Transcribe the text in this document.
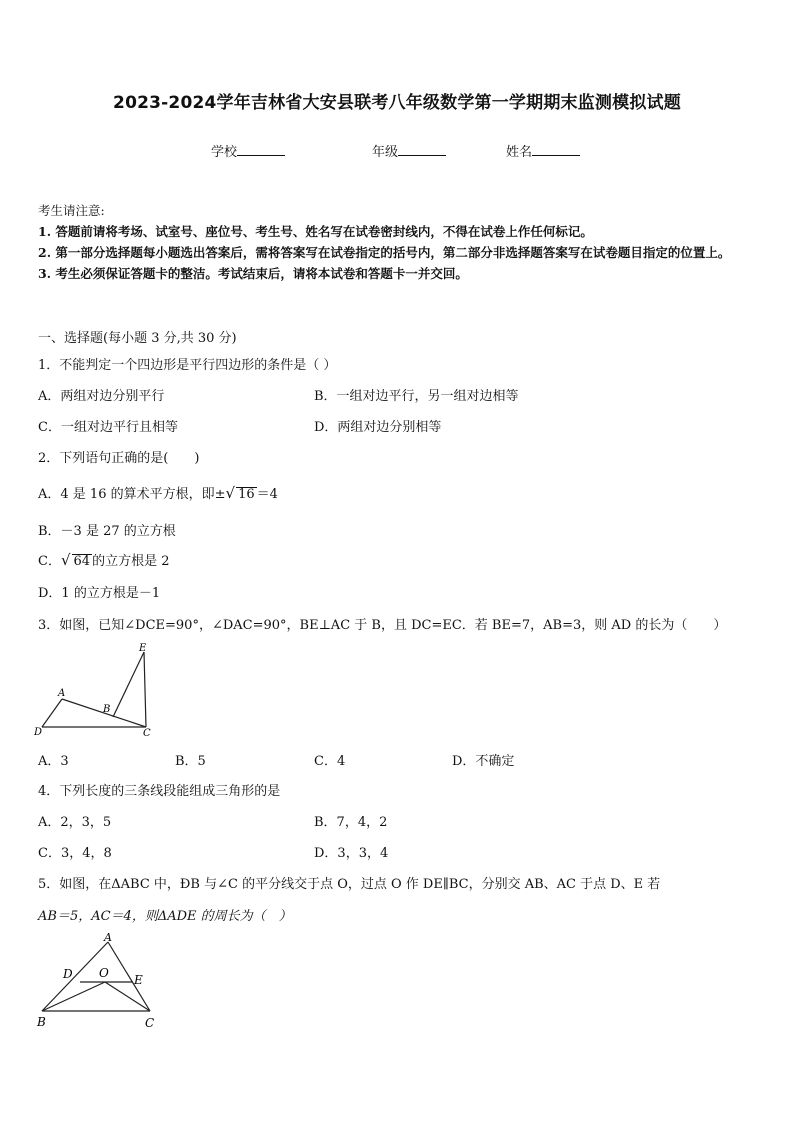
2023-2024学年吉林省大安县联考八年级数学第一学期期末监测模拟试题
学校	年级	姓名
考生请注意:
1. 答题前请将考场、试室号、座位号、考生号、姓名写在试卷密封线内，不得在试卷上作任何标记。
2. 第一部分选择题每小题选出答案后，需将答案写在试卷指定的括号内，第二部分非选择题答案写在试卷题目指定的位置上。
3. 考生必须保证答题卡的整洁。考试结束后，请将本试卷和答题卡一并交回。
一、选择题(每小题 3 分,共 30 分)
1．不能判定一个四边形是平行四边形的条件是（ ）
A．两组对边分别平行	B．一组对边平行，另一组对边相等
C．一组对边平行且相等	D．两组对边分别相等
2．下列语句正确的是(　　)
A．4 是 16 的算术平方根，即±√ 16 ＝4
B．－3 是 27 的立方根
C．√ 64 的立方根是 2
D．1 的立方根是－1
3．如图，已知∠DCE=90°，∠DAC=90°，BE⊥AC 于 B，且 DC=EC．若 BE=7，AB=3，则 AD 的长为（　　）
E
A
B
D	C
A．3	B．5	C．4	D．不确定
4．下列长度的三条线段能组成三角形的是
A．2，3，5	B．7，4，2
C．3，4，8	D．3，3，4
5．如图，在ΔABC 中，ÐB 与∠C 的平分线交于点 O，过点 O 作 DE∥BC，分别交 AB、AC 于点 D、E 若
AB＝5，AC＝4，则ΔADE 的周长为（　）
A
D O E
B	C
